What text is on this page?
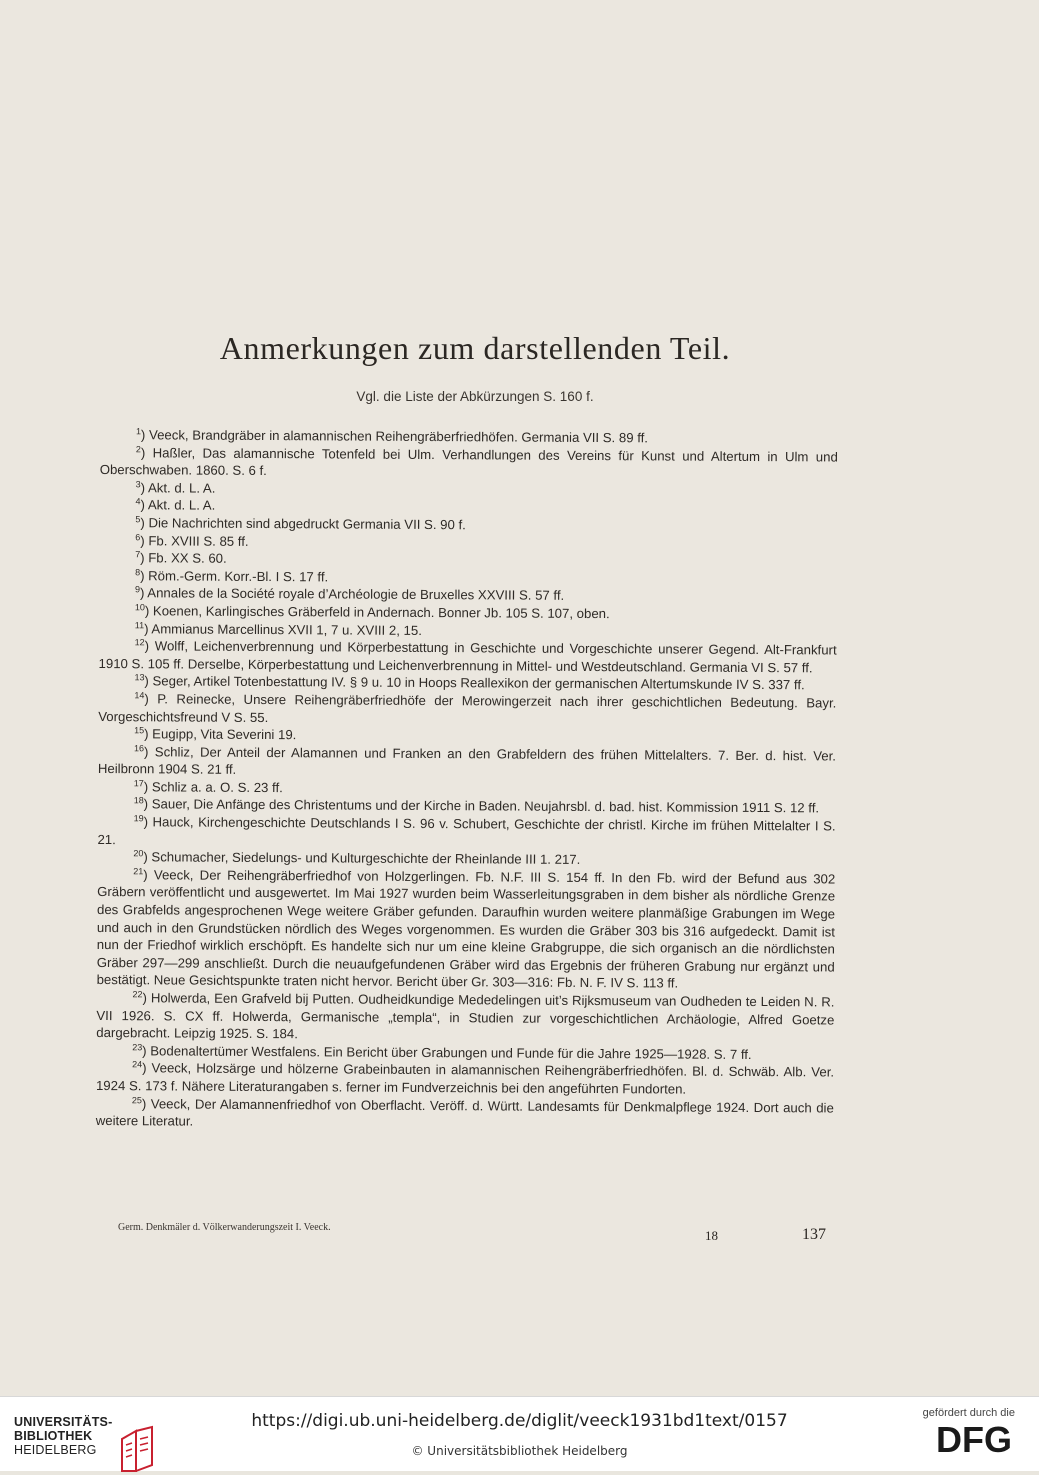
Anmerkungen zum darstellenden Teil.
Vgl. die Liste der Abkürzungen S. 160 f.

$^1$) Veeck, Brandgräber in alamannischen Reihengräberfriedhöfen. Germania VII S. 89 ff.

$^2$) Haßler, Das alamannische Totenfeld bei Ulm. Verhandlungen des Vereins für Kunst und Altertum in Ulm und Oberschwaben. 1860. S. 6 f.

$^3$) Akt. d. L. A.

$^4$) Akt. d. L. A.

$^5$) Die Nachrichten sind abgedruckt Germania VII S. 90 f.

$^6$) Fb. XVIII S. 85 ff.

$^7$) Fb. XX S. 60.

$^8$) Röm.-Germ. Korr.-Bl. I S. 17 ff.

$^9$) Annales de la Société royale d’Archéologie de Bruxelles XXVIII S. 57 ff.

$^{10}$) Koenen, Karlingisches Gräberfeld in Andernach. Bonner Jb. 105 S. 107, oben.

$^{11}$) Ammianus Marcellinus XVII 1, 7 u. XVIII 2, 15.

$^{12}$) Wolff, Leichenverbrennung und Körperbestattung in Geschichte und Vorgeschichte unserer Gegend. Alt-Frankfurt 1910 S. 105 ff. Derselbe, Körperbestattung und Leichenverbrennung in Mittel- und Westdeutschland. Germania VI S. 57 ff.

$^{13}$) Seger, Artikel Totenbestattung IV. § 9 u. 10 in Hoops Reallexikon der germanischen Altertumskunde IV S. 337 ff.

$^{14}$) P. Reinecke, Unsere Reihengräberfriedhöfe der Merowingerzeit nach ihrer geschichtlichen Bedeutung. Bayr. Vorgeschichtsfreund V S. 55.

$^{15}$) Eugipp, Vita Severini 19.

$^{16}$) Schliz, Der Anteil der Alamannen und Franken an den Grabfeldern des frühen Mittelalters. 7. Ber. d. hist. Ver. Heilbronn 1904 S. 21 ff.

$^{17}$) Schliz a. a. O. S. 23 ff.

$^{18}$) Sauer, Die Anfänge des Christentums und der Kirche in Baden. Neujahrsbl. d. bad. hist. Kommission 1911 S. 12 ff.

$^{19}$) Hauck, Kirchengeschichte Deutschlands I S. 96 v. Schubert, Geschichte der christl. Kirche im frühen Mittelalter I S. 21.

$^{20}$) Schumacher, Siedelungs- und Kulturgeschichte der Rheinlande III 1. 217.

$^{21}$) Veeck, Der Reihengräberfriedhof von Holzgerlingen. Fb. N.F. III S. 154 ff. In den Fb. wird der Befund aus 302 Gräbern veröffentlicht und ausgewertet. Im Mai 1927 wurden beim Wasserleitungsgraben in dem bisher als nördliche Grenze des Grabfelds angesprochenen Wege weitere Gräber gefunden. Daraufhin wurden weitere planmäßige Grabungen im Wege und auch in den Grundstücken nördlich des Weges vorgenommen. Es wurden die Gräber 303 bis 316 aufgedeckt. Damit ist nun der Friedhof wirklich erschöpft. Es handelte sich nur um eine kleine Grabgruppe, die sich organisch an die nördlichsten Gräber 297—299 anschließt. Durch die neuaufgefundenen Gräber wird das Ergebnis der früheren Grabung nur ergänzt und bestätigt. Neue Gesichtspunkte traten nicht hervor. Bericht über Gr. 303—316: Fb. N. F. IV S. 113 ff.

$^{22}$) Holwerda, Een Grafveld bij Putten. Oudheidkundige Mededelingen uit’s Rijksmuseum van Oudheden te Leiden N. R. VII 1926. S. CX ff. Holwerda, Germanische „templa“, in Studien zur vorgeschichtlichen Archäologie, Alfred Goetze dargebracht. Leipzig 1925. S. 184.

$^{23}$) Bodenaltertümer Westfalens. Ein Bericht über Grabungen und Funde für die Jahre 1925—1928. S. 7 ff.

$^{24}$) Veeck, Holzsärge und hölzerne Grabeinbauten in alamannischen Reihengräberfriedhöfen. Bl. d. Schwäb. Alb. Ver. 1924 S. 173 f. Nähere Literaturangaben s. ferner im Fundverzeichnis bei den angeführten Fundorten.

$^{25}$) Veeck, Der Alamannenfriedhof von Oberflacht. Veröff. d. Württ. Landesamts für Denkmalpflege 1924. Dort auch die weitere Literatur.

Germ. Denkmäler d. Völkerwanderungszeit I. Veeck.
18	137
UNIVERSITÄTS-
BIBLIOTHEK
HEIDELBERG
https://digi.ub.uni-heidelberg.de/diglit/veeck1931bd1text/0157
© Universitätsbibliothek Heidelberg
gefördert durch die
DFG
